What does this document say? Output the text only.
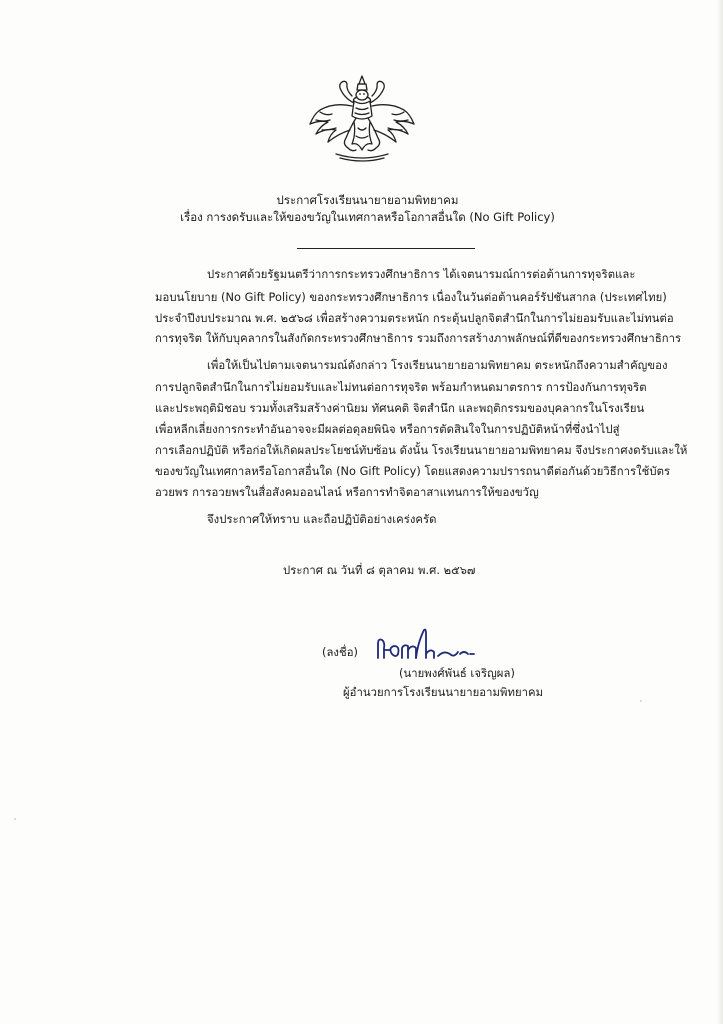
ประกาศโรงเรียนนายายอามพิทยาคม
เรื่อง การงดรับและให้ของขวัญในเทศกาลหรือโอกาสอื่นใด (No Gift Policy)
ประกาศด้วยรัฐมนตรีว่าการกระทรวงศึกษาธิการ ได้เจตนารมณ์การต่อต้านการทุจริตและ
มอบนโยบาย (No Gift Policy) ของกระทรวงศึกษาธิการ เนื่องในวันต่อต้านคอร์รัปชันสากล (ประเทศไทย)
ประจำปีงบประมาณ พ.ศ. ๒๕๖๘ เพื่อสร้างความตระหนัก กระตุ้นปลูกจิตสำนึกในการไม่ยอมรับและไม่ทนต่อ
การทุจริต ให้กับบุคลากรในสังกัดกระทรวงศึกษาธิการ รวมถึงการสร้างภาพลักษณ์ที่ดีของกระทรวงศึกษาธิการ
เพื่อให้เป็นไปตามเจตนารมณ์ดังกล่าว โรงเรียนนายายอามพิทยาคม ตระหนักถึงความสำคัญของ
การปลูกจิตสำนึกในการไม่ยอมรับและไม่ทนต่อการทุจริต พร้อมกำหนดมาตรการ การป้องกันการทุจริต
และประพฤติมิชอบ รวมทั้งเสริมสร้างค่านิยม ทัศนคติ จิตสำนึก และพฤติกรรมของบุคลากรในโรงเรียน
เพื่อหลีกเลี่ยงการกระทำอันอาจจะมีผลต่อดุลยพินิจ หรือการตัดสินใจในการปฏิบัติหน้าที่ซึ่งนำไปสู่
การเลือกปฏิบัติ หรือก่อให้เกิดผลประโยชน์ทับซ้อน ดังนั้น โรงเรียนนายายอามพิทยาคม จึงประกาศงดรับและให้
ของขวัญในเทศกาลหรือโอกาสอื่นใด (No Gift Policy) โดยแสดงความปรารถนาดีต่อกันด้วยวิธีการใช้บัตร
อวยพร การอวยพรในสื่อสังคมออนไลน์ หรือการทำจิตอาสาแทนการให้ของขวัญ
จึงประกาศให้ทราบ และถือปฏิบัติอย่างเคร่งครัด
ประกาศ ณ วันที่ ๘ ตุลาคม พ.ศ. ๒๕๖๗
(ลงชื่อ)
(นายพงศ์พันธ์ เจริญผล)
ผู้อำนวยการโรงเรียนนายายอามพิทยาคม
